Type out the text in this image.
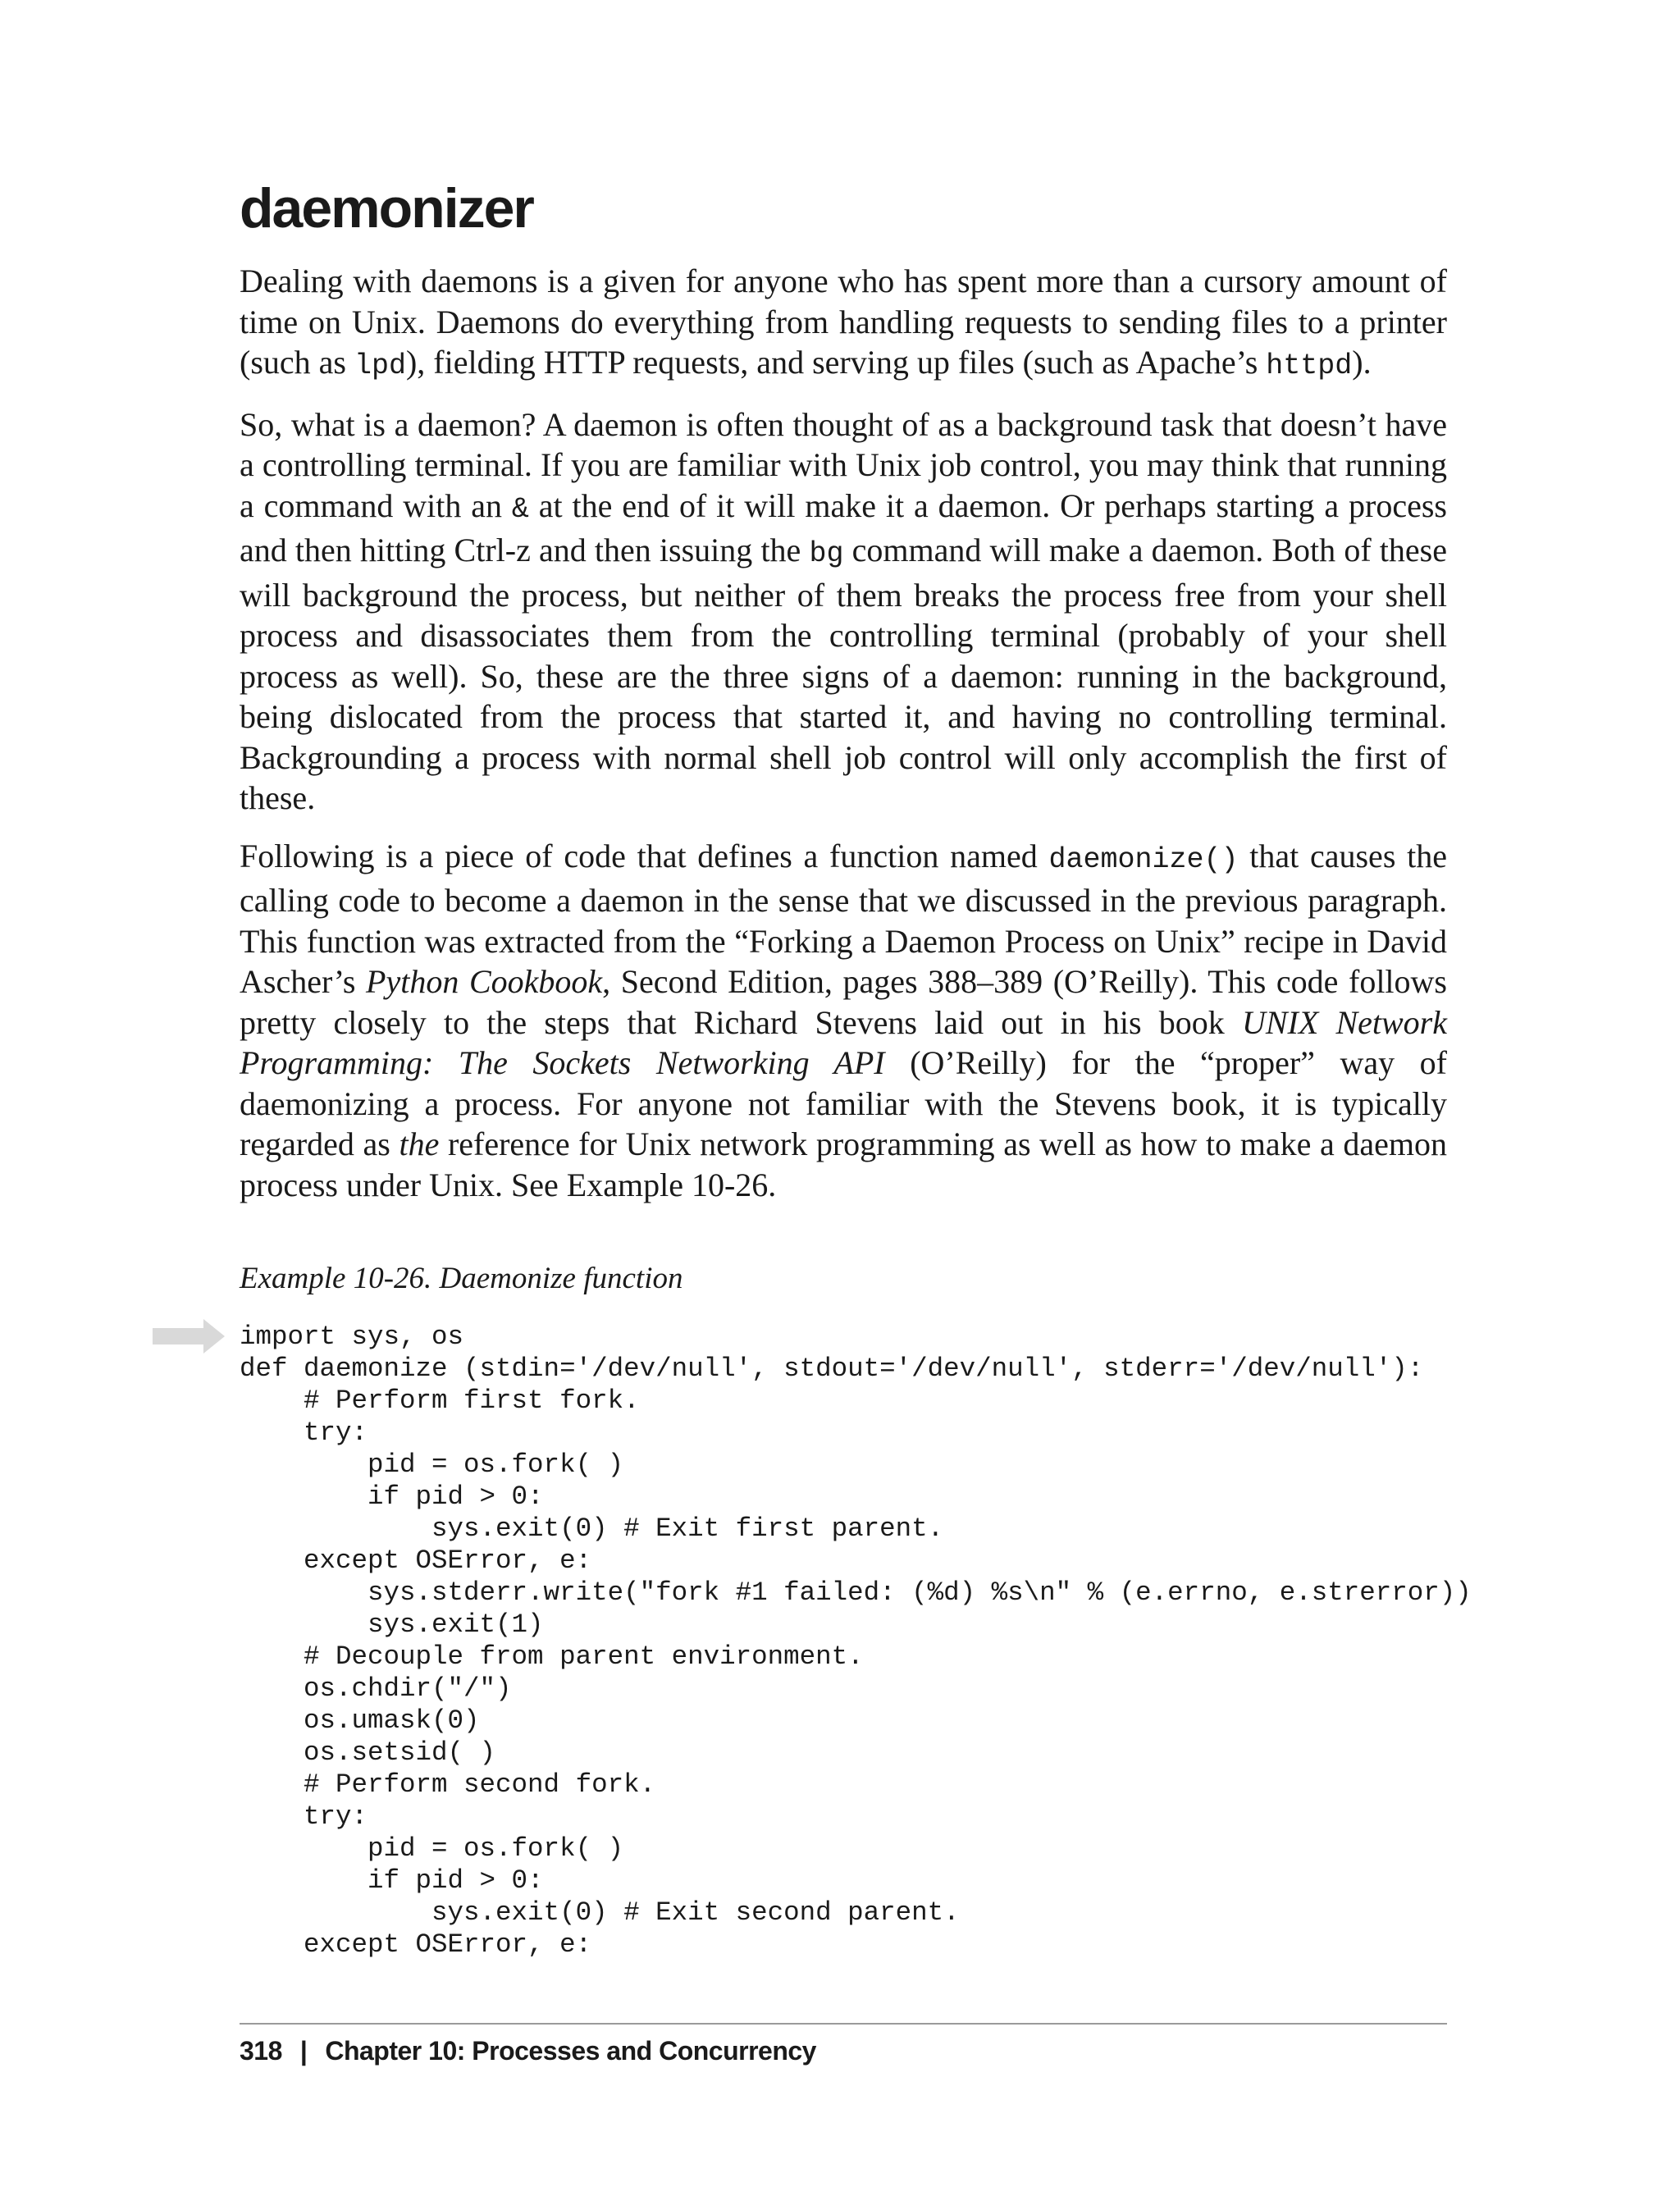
daemonizer

Dealing with daemons is a given for anyone who has spent more than a cursory amount of time on Unix. Daemons do everything from handling requests to sending files to a printer (such as lpd), fielding HTTP requests, and serving up files (such as Apache’s httpd).

So, what is a daemon? A daemon is often thought of as a background task that doesn’t have a controlling terminal. If you are familiar with Unix job control, you may think that running a command with an & at the end of it will make it a daemon. Or perhaps starting a process and then hitting Ctrl-z and then issuing the bg command will make a daemon. Both of these will background the process, but neither of them breaks the process free from your shell process and disassociates them from the controlling terminal (probably of your shell process as well). So, these are the three signs of a daemon: running in the background, being dislocated from the process that started it, and having no controlling terminal. Backgrounding a process with normal shell job control will only accomplish the first of these.

Following is a piece of code that defines a function named daemonize() that causes the calling code to become a daemon in the sense that we discussed in the previous paragraph. This function was extracted from the “Forking a Daemon Process on Unix” recipe in David Ascher’s Python Cookbook, Second Edition, pages 388–389 (O’Reilly). This code follows pretty closely to the steps that Richard Stevens laid out in his book UNIX Network Programming: The Sockets Networking API (O’Reilly) for the “proper” way of daemonizing a process. For anyone not familiar with the Stevens book, it is typically regarded as the reference for Unix network programming as well as how to make a daemon process under Unix. See Example 10-26.

Example 10-26. Daemonize function
import sys, os
def daemonize (stdin='/dev/null', stdout='/dev/null', stderr='/dev/null'):
# Perform first fork.
try:
pid = os.fork( )
if pid > 0:
sys.exit(0) # Exit first parent.
except OSError, e:
sys.stderr.write("fork #1 failed: (%d) %s\n" % (e.errno, e.strerror))
sys.exit(1)
# Decouple from parent environment.
os.chdir("/")
os.umask(0)
os.setsid( )
# Perform second fork.
try:
pid = os.fork( )
if pid > 0:
sys.exit(0) # Exit second parent.
except OSError, e:
318 | Chapter 10: Processes and Concurrency
